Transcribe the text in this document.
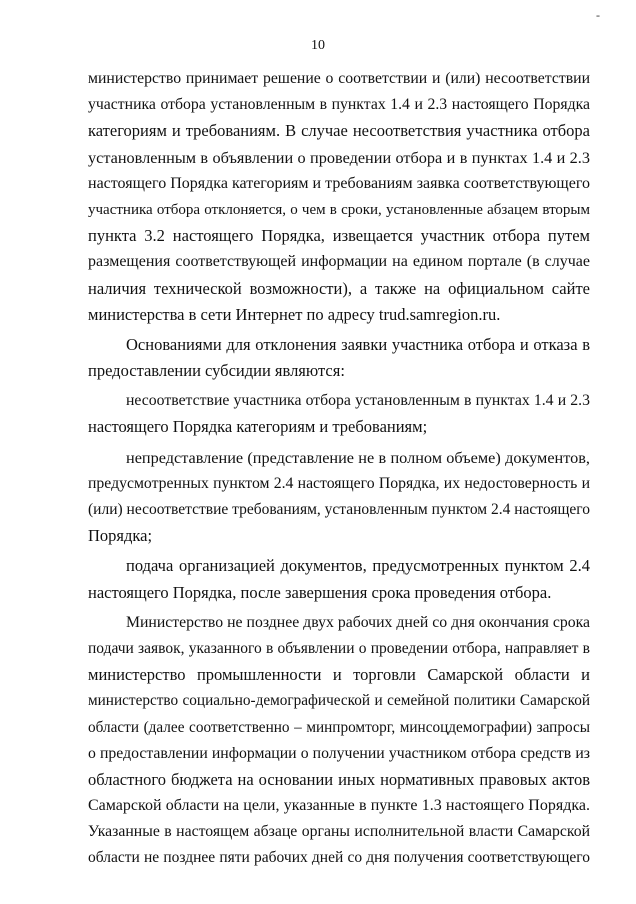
-
10
министерство принимает решение о соответствии и (или) несоответствии
участника отбора установленным в пунктах 1.4 и 2.3 настоящего Порядка
категориям и требованиям. В случае несоответствия участника отбора
установленным в объявлении о проведении отбора и в пунктах 1.4 и 2.3
настоящего Порядка категориям и требованиям заявка соответствующего
участника отбора отклоняется, о чем в сроки, установленные абзацем вторым
пункта 3.2 настоящего Порядка, извещается участник отбора путем
размещения соответствующей информации на едином портале (в случае
наличия технической возможности), а также на официальном сайте
министерства в сети Интернет по адресу trud.samregion.ru.
Основаниями для отклонения заявки участника отбора и отказа в
предоставлении субсидии являются:
несоответствие участника отбора установленным в пунктах 1.4 и 2.3
настоящего Порядка категориям и требованиям;
непредставление (представление не в полном объеме) документов,
предусмотренных пунктом 2.4 настоящего Порядка, их недостоверность и
(или) несоответствие требованиям, установленным пунктом 2.4 настоящего
Порядка;
подача организацией документов, предусмотренных пунктом 2.4
настоящего Порядка, после завершения срока проведения отбора.
Министерство не позднее двух рабочих дней со дня окончания срока
подачи заявок, указанного в объявлении о проведении отбора, направляет в
министерство промышленности и торговли Самарской области и
министерство социально-демографической и семейной политики Самарской
области (далее соответственно – минпромторг, минсоцдемографии) запросы
о предоставлении информации о получении участником отбора средств из
областного бюджета на основании иных нормативных правовых актов
Самарской области на цели, указанные в пункте 1.3 настоящего Порядка.
Указанные в настоящем абзаце органы исполнительной власти Самарской
области не позднее пяти рабочих дней со дня получения соответствующего
